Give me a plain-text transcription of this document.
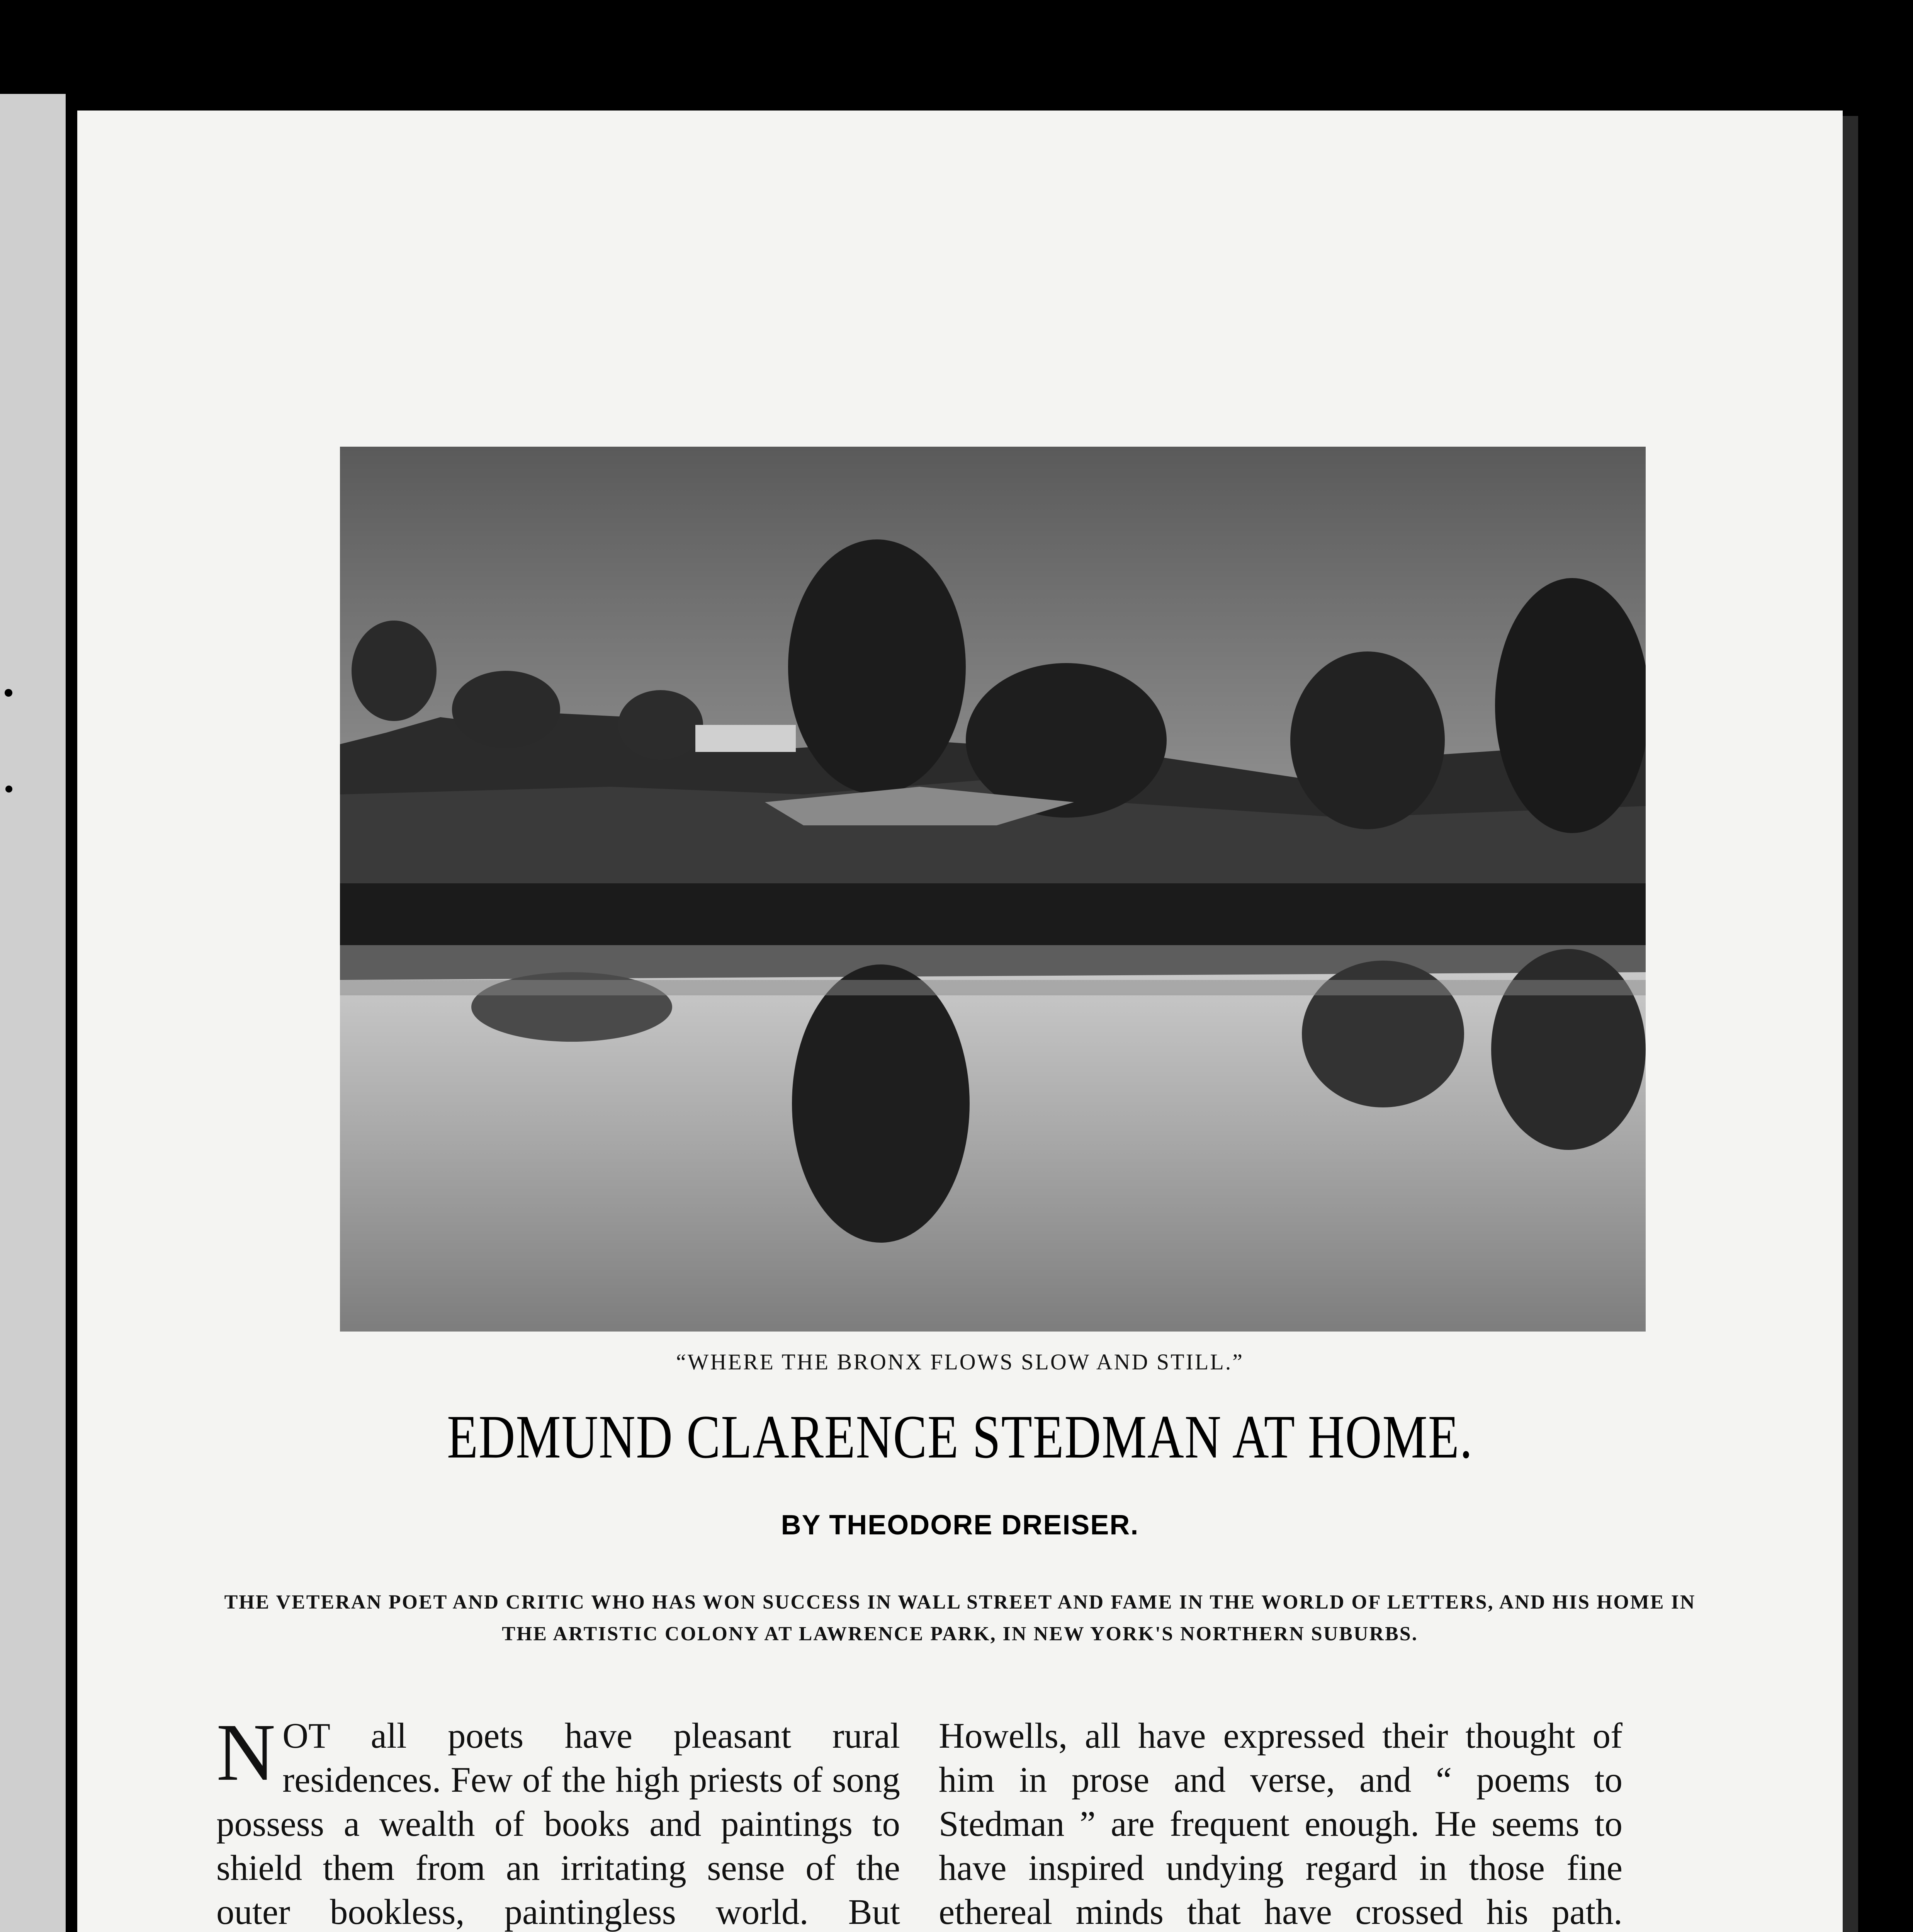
“WHERE THE BRONX FLOWS SLOW AND STILL.”
EDMUND CLARENCE STEDMAN AT HOME.
BY THEODORE DREISER.
THE VETERAN POET AND CRITIC WHO HAS WON SUCCESS IN WALL STREET AND FAME IN THE WORLD OF LETTERS, AND HIS HOME IN THE ARTISTIC COLONY AT LAWRENCE PARK, IN NEW YORK'S NORTHERN SUBURBS.

NOT all poets have pleasant rural residences. Few of the high priests of song possess a wealth of books and paintings to shield them from an irritating sense of the outer bookless, paintingless world. But

Howells, all have expressed their thought of him in prose and verse, and “ poems to Stedman ” are frequent enough. He seems to have inspired undying regard in those fine ethereal minds that have crossed his path.
